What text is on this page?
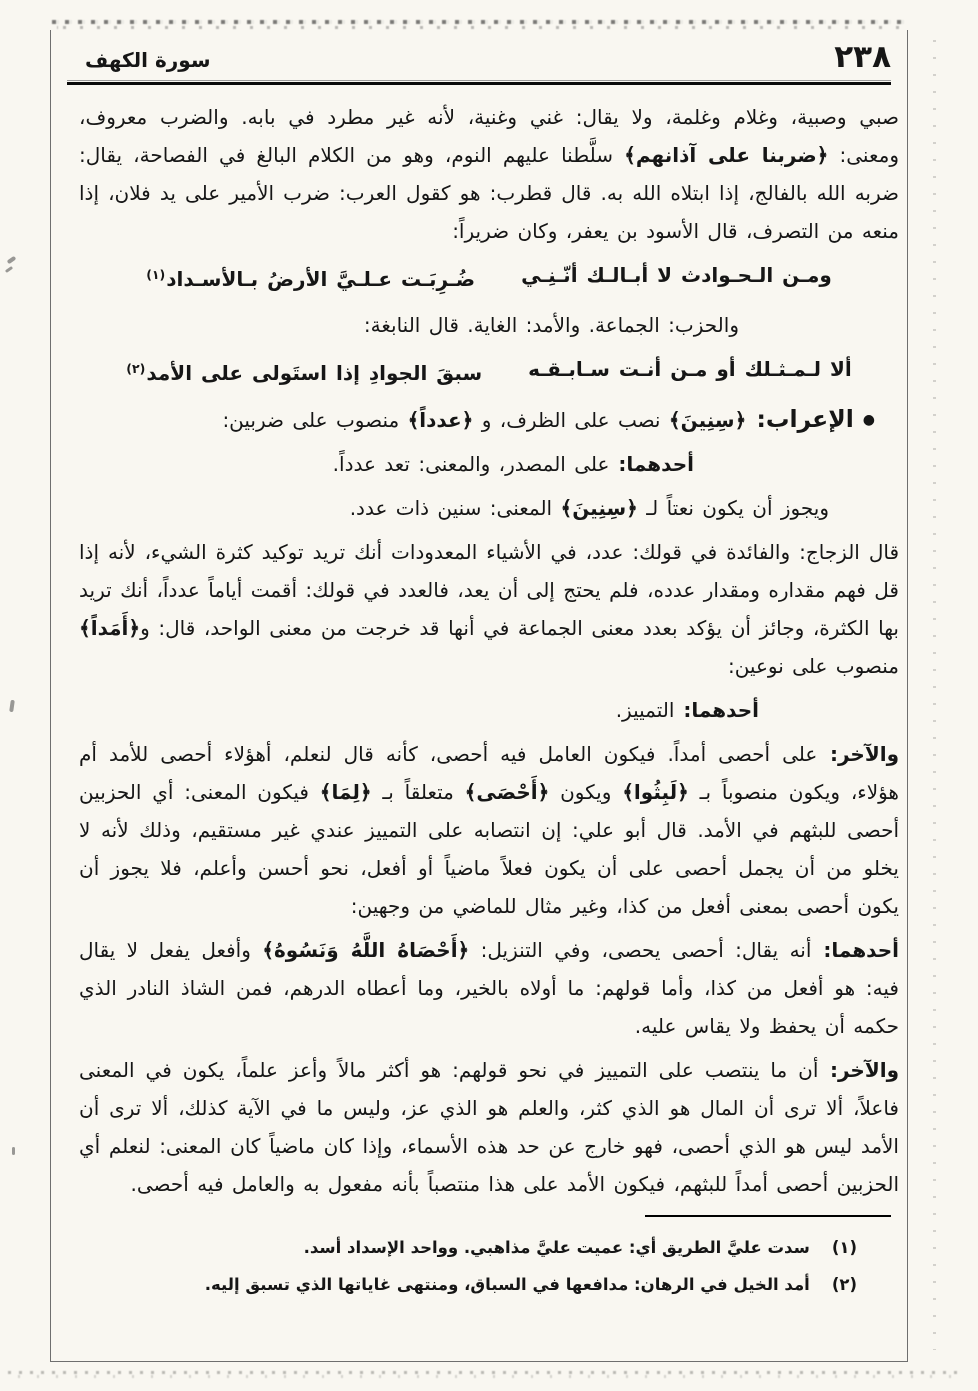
٢٣٨
سورة الكهف

صبي وصبية، وغلام وغلمة، ولا يقال: غني وغنية، لأنه غير مطرد في بابه. والضرب معروف، ومعنى: ﴿ضربنا على آذانهم﴾ سلَّطنا عليهم النوم، وهو من الكلام البالغ في الفصاحة، يقال: ضربه الله بالفالج، إذا ابتلاه الله به. قال قطرب: هو كقول العرب: ضرب الأمير على يد فلان، إذا منعه من التصرف، قال الأسود بن يعفر، وكان ضريراً:

ومـن الـحـوادث لا أبـالـك أنّـنِـي
ضُـرِبَـت عـلـيَّ الأرضُ بـالأسـداد$^{(١)}$

والحزب: الجماعة. والأمد: الغاية. قال النابغة:

ألا لـمـثـلك أو مـن أنـت سـابـقـه
سبقَ الجوادِ إذا استَولى على الأمد$^{(٢)}$

●الإعراب: ﴿سِنِينَ﴾ نصب على الظرف، و ﴿عدداً﴾ منصوب على ضربين:

أحدهما: على المصدر، والمعنى: تعد عدداً.

ويجوز أن يكون نعتاً لـ ﴿سِنِينَ﴾ المعنى: سنين ذات عدد.

قال الزجاج: والفائدة في قولك: عدد، في الأشياء المعدودات أنك تريد توكيد كثرة الشيء، لأنه إذا قل فهم مقداره ومقدار عدده، فلم يحتج إلى أن يعد، فالعدد في قولك: أقمت أياماً عدداً، أنك تريد بها الكثرة، وجائز أن يؤكد بعدد معنى الجماعة في أنها قد خرجت من معنى الواحد، قال: و﴿أَمَداً﴾ منصوب على نوعين:

أحدهما: التمييز.

والآخر: على أحصى أمداً. فيكون العامل فيه أحصى، كأنه قال لنعلم، أهؤلاء أحصى للأمد أم هؤلاء، ويكون منصوباً بـ ﴿لَبِثُوا﴾ ويكون ﴿أَحْصَى﴾ متعلقاً بـ ﴿لِمَا﴾ فيكون المعنى: أي الحزبين أحصى للبثهم في الأمد. قال أبو علي: إن انتصابه على التمييز عندي غير مستقيم، وذلك لأنه لا يخلو من أن يجمل أحصى على أن يكون فعلاً ماضياً أو أفعل، نحو أحسن وأعلم، فلا يجوز أن يكون أحصى بمعنى أفعل من كذا، وغير مثال للماضي من وجهين:

أحدهما: أنه يقال: أحصى يحصى، وفي التنزيل: ﴿أَحْصَاهُ اللَّهُ وَنَسُوهُ﴾ وأفعل يفعل لا يقال فيه: هو أفعل من كذا، وأما قولهم: ما أولاه بالخير، وما أعطاه الدرهم، فمن الشاذ النادر الذي حكمه أن يحفظ ولا يقاس عليه.

والآخر: أن ما ينتصب على التمييز في نحو قولهم: هو أكثر مالاً وأعز علماً، يكون في المعنى فاعلاً، ألا ترى أن المال هو الذي كثر، والعلم هو الذي عز، وليس ما في الآية كذلك، ألا ترى أن الأمد ليس هو الذي أحصى، فهو خارج عن حد هذه الأسماء، وإذا كان ماضياً كان المعنى: لنعلم أي الحزبين أحصى أمداً للبثهم، فيكون الأمد على هذا منتصباً بأنه مفعول به والعامل فيه أحصى.

(١)
سدت عليَّ الطريق أي: عميت عليَّ مذاهبي. وواحد الإسداد أسد.
(٢)
أمد الخيل في الرهان: مدافعها في السباق، ومنتهى غاياتها الذي تسبق إليه.
